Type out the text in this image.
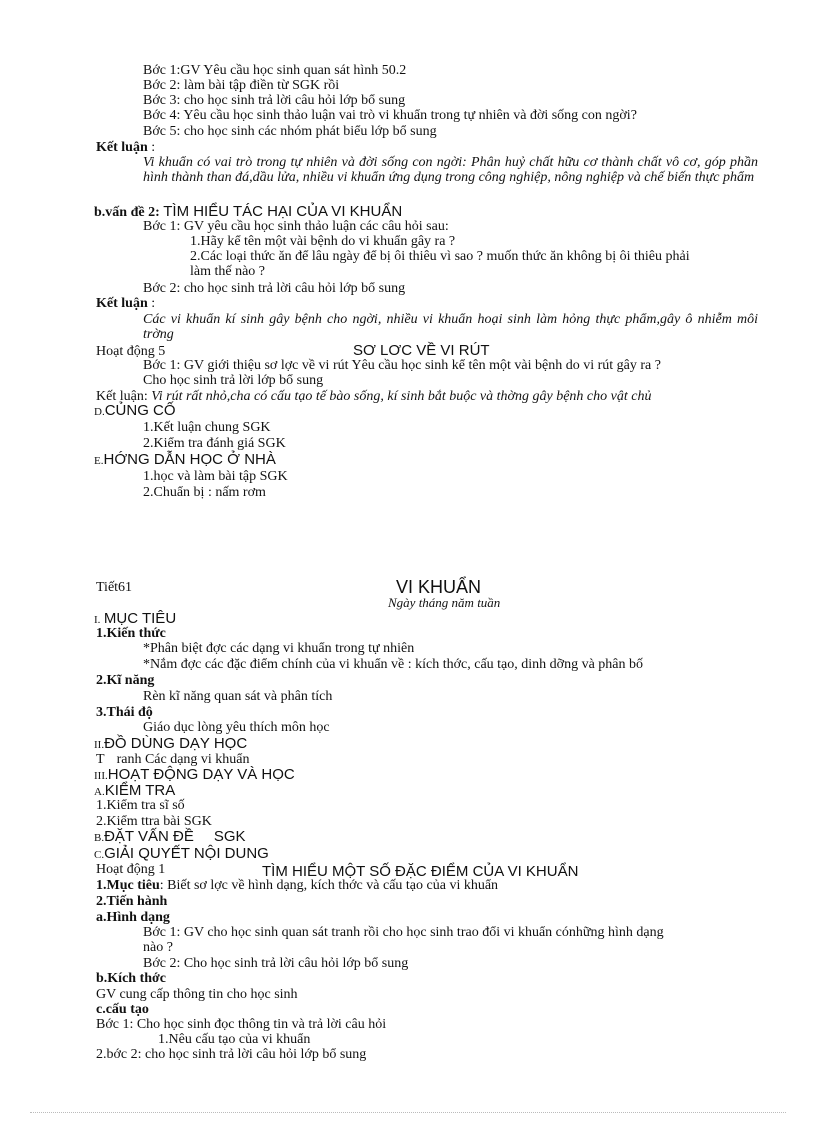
Bớc 1:GV Yêu cầu học sinh quan sát hình 50.2
Bớc 2: làm bài tập điền từ SGK rồi
Bớc 3: cho học sinh trả lời câu hỏi lớp bổ sung
Bớc 4: Yêu cầu học sinh thảo luận vai trò vi khuẩn trong tự nhiên và đời sống con ngời?
Bớc 5: cho học sinh các nhóm phát biểu lớp bổ sung
Kết luận :
Vi khuẩn có vai trò trong tự nhiên và đời sống con ngời: Phân huỷ chất hữu cơ thành chất vô cơ, góp phần hình thành than đá,dầu lửa, nhiều vi khuẩn ứng dụng trong công nghiệp, nông nghiệp và chế biến thực phẩm
b.vấn đề 2: TÌM HIỂU TÁC HẠI CỦA VI KHUẨN
Bớc 1: GV yêu cầu học sinh thảo luận các câu hỏi sau:
1.Hãy kể tên một vài bệnh do vi khuẩn gây ra ?
2.Các loại thức ăn để lâu ngày để bị ôi thiêu vì sao ? muốn thức ăn không bị ôi thiêu phải
làm thế nào ?
Bớc 2: cho học sinh trả lời câu hỏi lớp bổ sung
Kết luận :
Các vi khuẩn kí sinh gây bệnh cho ngời, nhiều vi khuẩn hoại sinh làm hỏng thực phẩm,gây ô nhiễm môi trờng
Hoạt động 5	SƠ LƠC VỀ VI RÚT
Bớc 1: GV giới thiệu sơ lợc về vi rút Yêu cầu học sinh kể tên một vài bệnh do vi rút gây ra ?
Cho học sinh trả lời lớp bổ sung
Kết luận: Vi rút rất nhỏ,cha có cấu tạo tế bào sống, kí sinh bắt buộc và thờng gây bệnh cho vật chủ
D.CỦNG CỐ
1.Kết luận chung SGK
2.Kiểm tra đánh giá SGK
E.HỚNG DẪN HỌC Ở NHÀ
1.học và làm bài tập SGK
2.Chuẩn bị : nấm rơm
Tiết61	VI KHUẨN
Ngày tháng năm tuần
I. MỤC TIÊU
1.Kiến thức
*Phân biệt đợc các dạng vi khuẩn trong tự nhiên
*Nắm đợc các đặc điểm chính của vi khuẩn về : kích thớc, cấu tạo, dinh dỡng và phân bố
2.Kĩ năng
Rèn kĩ năng quan sát và phân tích
3.Thái độ
Giáo dục lòng yêu thích môn học
II.ĐỒ DÙNG DẠY HỌC
T ranh Các dạng vi khuẩn
III.HOẠT ĐỘNG DẠY VÀ HỌC
A.KIỂM TRA
1.Kiểm tra sĩ số
2.Kiểm ttra bài SGK
B.ĐẶT VẤN ĐỀ SGK
C.GIẢI QUYẾT NỘI DUNG
Hoạt động 1	TÌM HIỂU MỘT SỐ ĐẶC ĐIỂM CỦA VI KHUẨN
1.Mục tiêu: Biết sơ lợc về hình dạng, kích thớc và cấu tạo của vi khuẩn
2.Tiến hành
a.Hình dạng
Bớc 1: GV cho học sinh quan sát tranh rồi cho học sinh trao đổi vi khuẩn cónhững hình dạng
nào ?
Bớc 2: Cho học sinh trả lời câu hỏi lớp bổ sung
b.Kích thớc
GV cung cấp thông tin cho học sinh
c.cấu tạo
Bớc 1: Cho học sinh đọc thông tin và trả lời câu hỏi
1.Nêu cấu tạo của vi khuẩn
2.bớc 2: cho học sinh trả lời câu hỏi lớp bổ sung
